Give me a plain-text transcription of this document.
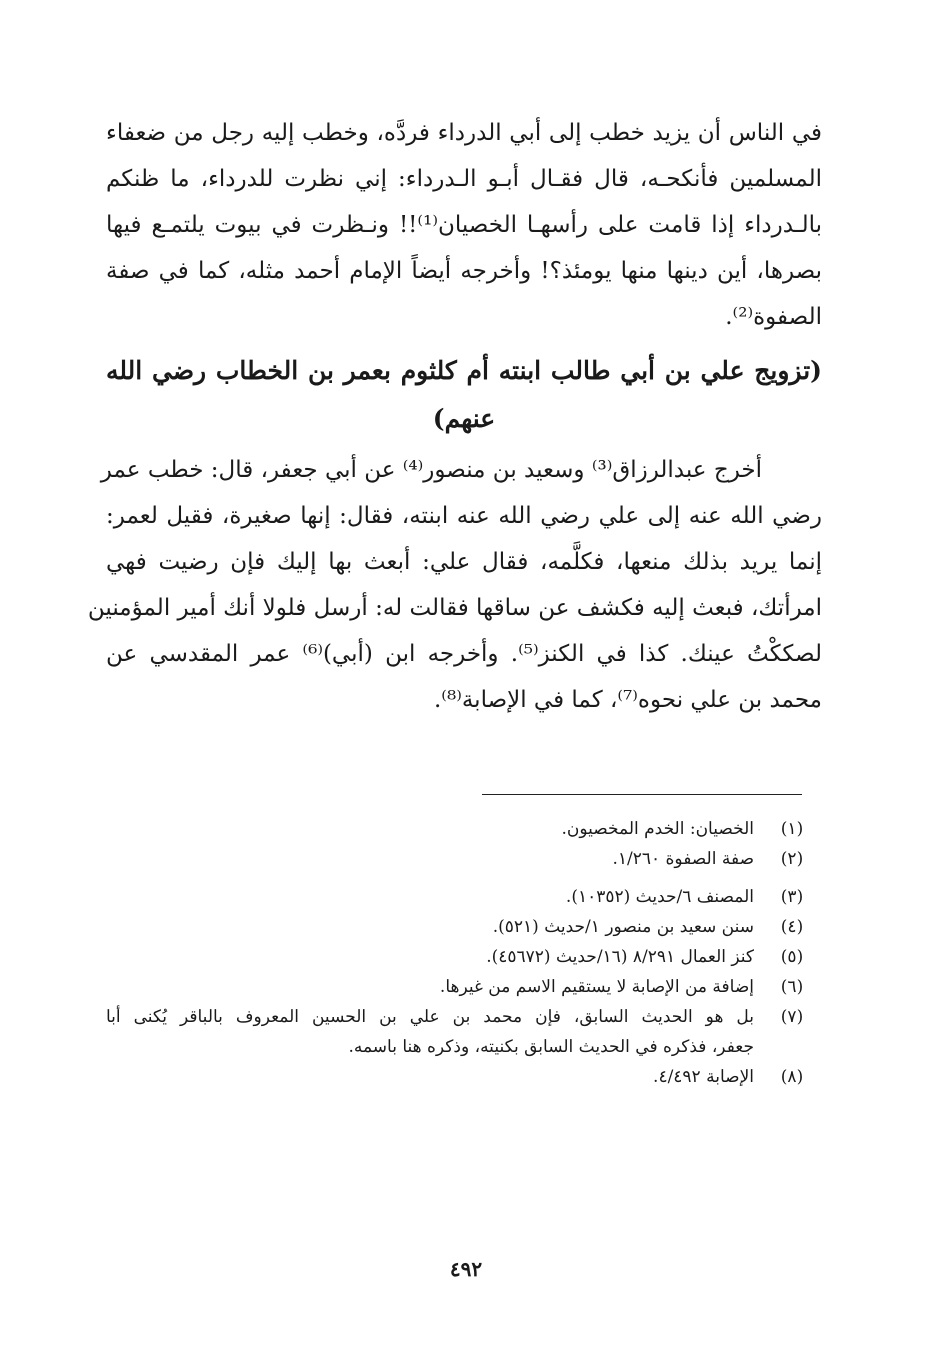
في الناس أن يزيد خطب إلى أبي الدرداء فردَّه، وخطب إليه رجل من ضعفاء
المسلمين فأنكحـه، قال فقـال أبـو الـدرداء: إني نظرت للدرداء، ما ظنكم
بالـدرداء إذا قامت على رأسهـا الخصيان⁽¹⁾!! ونـظرت في بيوت يلتمـع فيها
بصرها، أين دينها منها يومئذ؟! وأخرجه أيضاً الإمام أحمد مثله، كما في صفة
الصفوة⁽²⁾.
(تزويج علي بن أبي طالب ابنته أم كلثوم بعمر بن الخطاب رضي الله
عنهم)
أخرج عبدالرزاق⁽³⁾ وسعيد بن منصور⁽⁴⁾ عن أبي جعفر، قال: خطب عمر
رضي الله عنه إلى علي رضي الله عنه ابنته، فقال: إنها صغيرة، فقيل لعمر:
إنما يريد بذلك منعها، فكلَّمه، فقال علي: أبعث بها إليك فإن رضيت فهي
امرأتك، فبعث إليه فكشف عن ساقها فقالت له: أرسل فلولا أنك أمير المؤمنين
لصككْتُ عينك. كذا في الكنز⁽⁵⁾. وأخرجه ابن (أبي)⁽⁶⁾ عمر المقدسي عن
محمد بن علي نحوه⁽⁷⁾، كما في الإصابة⁽⁸⁾.
(١)
الخصيان: الخدم المخصيون.
(٢)
صفة الصفوة ١/٢٦٠.
(٣)
المصنف ٦/حديث (١٠٣٥٢).
(٤)
سنن سعيد بن منصور ١/حديث (٥٢١).
(٥)
كنز العمال ٨/٢٩١ (١٦/حديث (٤٥٦٧٢).
(٦)
إضافة من الإصابة لا يستقيم الاسم من غيرها.
(٧)
بل هو الحديث السابق، فإن محمد بن علي بن الحسين المعروف بالباقر يُكنى أبا
جعفر، فذكره في الحديث السابق بكنيته، وذكره هنا باسمه.
(٨)
الإصابة ٤/٤٩٢.
٤٩٢
